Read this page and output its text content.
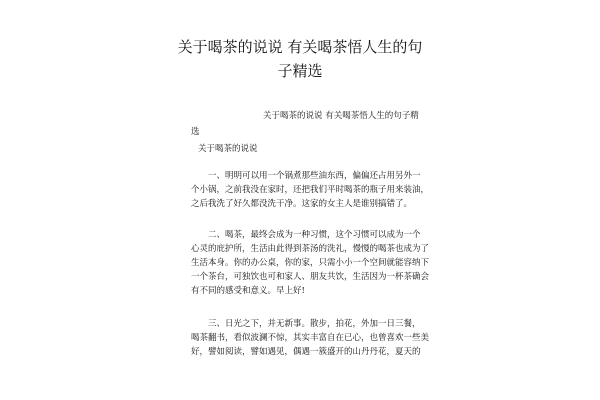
关于喝茶的说说 有关喝茶悟人生的句
子精选
关于喝茶的说说 有关喝茶悟人生的句子精
选
关于喝茶的说说
一、明明可以用一个锅煮那些油东西，偏偏还占用另外一
个小锅，之前我没在家时，还把我们平时喝茶的瓶子用来装油，
之后我洗了好久都没洗干净。这家的女主人是谁别搞错了。
二、喝茶，最终会成为一种习惯，这个习惯可以成为一个
心灵的庇护所，生活由此得到茶汤的洗礼，慢慢的喝茶也成为了
生活本身。你的办公桌，你的家，只需小小一个空间就能容纳下
一个茶台，可独饮也可和家人、朋友共饮，生活因为一杯茶确会
有不同的感受和意义。早上好!
三、日光之下，并无新事。散步，拍花，外加一日三餐，
喝茶翻书，看似波澜不惊，其实丰富自在已心，也曾喜欢一些美
好，譬如阅读，譬如遇见，偶遇一簇盛开的山丹丹花，夏天的
